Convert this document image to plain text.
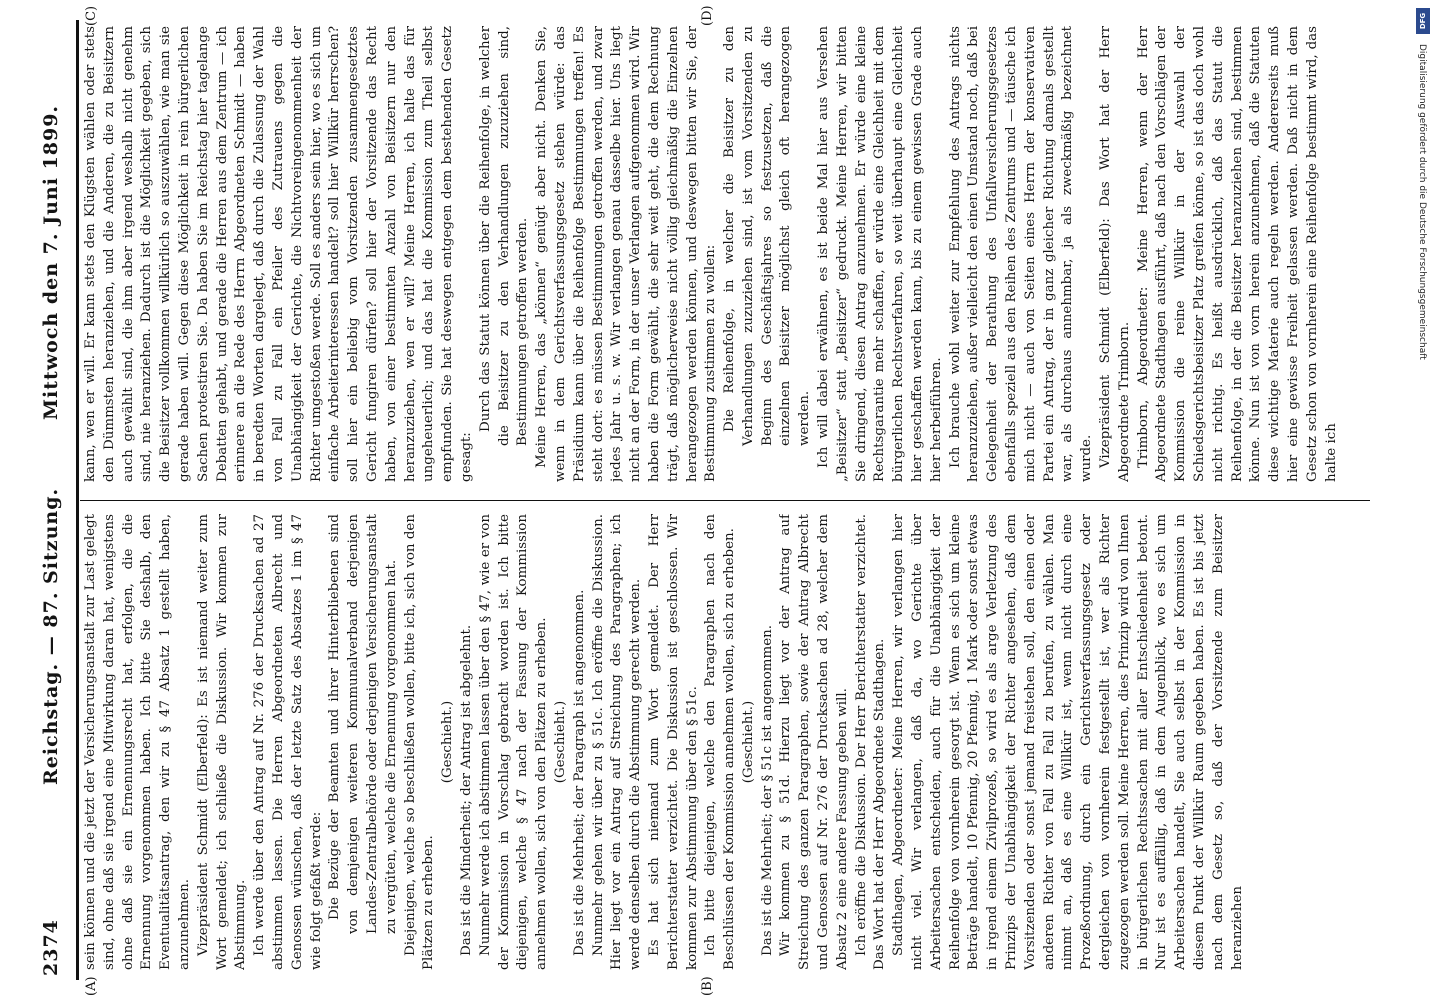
2374
Reichstag. — 87. Sitzung.
Mittwoch den 7. Juni 1899.
(A)	(B)
(C)	(D)

sein können und die jetzt der Versicherungsanstalt zur Last gelegt sind, ohne daß sie irgend eine Mitwirkung daran hat, wenigstens ohne daß sie ein Ernennungsrecht hat, erfolgen, die die Ernennung vorgenommen haben. Ich bitte Sie deshalb, den Eventualitätsantrag, den wir zu § 47 Absatz 1 gestellt haben, anzunehmen. Vizepräsident Schmidt (Elberfeld): Es ist niemand weiter zum Wort gemeldet; ich schließe die Diskussion. Wir kommen zur Abstimmung. Ich werde über den Antrag auf Nr. 276 der Drucksachen ad 27 abstimmen lassen. Die Herren Abgeordneten Albrecht und Genossen wünschen, daß der letzte Satz des Absatzes 1 im § 47 wie folgt gefaßt werde: Die Bezüge der Beamten und ihrer Hinterbliebenen sind von demjenigen weiteren Kommunalverband derjenigen Landes-Zentralbehörde oder derjenigen Versicherungsanstalt zu vergüten, welche die Ernennung vorgenommen hat. Diejenigen, welche so beschließen wollen, bitte ich, sich von den Plätzen zu erheben.

(Geschieht.) Das ist die Minderheit; der Antrag ist abgelehnt. Nunmehr werde ich abstimmen lassen über den § 47, wie er von der Kommission in Vorschlag gebracht worden ist. Ich bitte diejenigen, welche § 47 nach der Fassung der Kommission annehmen wollen, sich von den Plätzen zu erheben. (Geschieht.) Das ist die Mehrheit; der Paragraph ist angenommen. Nunmehr gehen wir über zu § 51c. Ich eröffne die Diskussion. Hier liegt vor ein Antrag auf Streichung des Paragraphen; ich werde denselben durch die Abstimmung gerecht werden. Es hat sich niemand zum Wort gemeldet. Der Herr Berichterstatter verzichtet. Die Diskussion ist geschlossen. Wir kommen zur Abstimmung über den § 51c. Ich bitte diejenigen, welche den Paragraphen nach den Beschlüssen der Kommission annehmen wollen, sich zu erheben. (Geschieht.) Das ist die Mehrheit; der § 51c ist angenommen. Wir kommen zu § 51d. Hierzu liegt vor der Antrag auf Streichung des ganzen Paragraphen, sowie der Antrag Albrecht und Genossen auf Nr. 276 der Drucksachen ad 28, welcher dem Absatz 2 eine andere Fassung geben will. Ich eröffne die Diskussion. Der Herr Berichterstatter verzichtet. Das Wort hat der Herr Abgeordnete Stadthagen. Stadthagen, Abgeordneter: Meine Herren, wir verlangen hier nicht viel. Wir verlangen, daß da, wo Gerichte über Arbeitersachen entscheiden, auch für die Unabhängigkeit der Reihenfolge von vornherein gesorgt ist. Wenn es sich um kleine Beträge handelt, 10 Pfennig, 20 Pfennig, 1 Mark oder sonst etwas in irgend einem Zivilprozeß, so wird es als arge Verletzung des Prinzips der Unabhängigkeit der Richter angesehen, daß dem Vorsitzenden oder sonst jemand freistehen soll, den einen oder anderen Richter von Fall zu Fall zu berufen, zu wählen. Man nimmt an, daß es eine Willkür ist, wenn nicht durch eine Prozeßordnung, durch ein Gerichtsverfassungsgesetz oder dergleichen von vornherein festgestellt ist, wer als Richter zugezogen werden soll. Meine Herren, dies Prinzip wird von Ihnen in bürgerlichen Rechtssachen mit aller Entschiedenheit betont. Nur ist es auffällig, daß in dem Augenblick, wo es sich um Arbeitersachen handelt, Sie auch selbst in der Kommission in diesem Punkt der Willkür Raum gegeben haben. Es ist bis jetzt nach dem Gesetz so, daß der Vorsitzende zum Beisitzer heranziehen

kann, wen er will. Er kann stets den Klügsten wählen oder stets den Dümmsten heranziehen, und die Anderen, die zu Beisitzern auch gewählt sind, die ihm aber irgend weshalb nicht genehm sind, nie heranziehen. Dadurch ist die Möglichkeit gegeben, sich die Beisitzer vollkommen willkürlich so auszuwählen, wie man sie gerade haben will. Gegen diese Möglichkeit in rein bürgerlichen Sachen protestiren Sie. Da haben Sie im Reichstag hier tagelange Debatten gehabt, und gerade die Herren aus dem Zentrum — ich erinnere an die Rede des Herrn Abgeordneten Schmidt — haben in beredten Worten dargelegt, daß durch die Zulassung der Wahl von Fall zu Fall ein Pfeiler des Zutrauens gegen die Unabhängigkeit der Gerichte, die Nichtvoreingenommenheit der Richter umgestoßen werde. Soll es anders sein hier, wo es sich um einfache Arbeiterinteressen handelt? soll hier Willkür herrschen? soll hier ein beliebig vom Vorsitzenden zusammengesetztes Gericht fungiren dürfen? soll hier der Vorsitzende das Recht haben, von einer bestimmten Anzahl von Beisitzern nur den heranzuziehen, wen er will? Meine Herren, ich halte das für ungeheuerlich; und das hat die Kommission zum Theil selbst empfunden. Sie hat deswegen entgegen dem bestehenden Gesetz gesagt:

Durch das Statut können über die Reihenfolge, in welcher die Beisitzer zu den Verhandlungen zuzuziehen sind, Bestimmungen getroffen werden. Meine Herren, das „können“ genügt aber nicht. Denken Sie, wenn in dem Gerichtsverfassungsgesetz stehen würde: das Präsidium kann über die Reihenfolge Bestimmungen treffen! Es steht dort: es müssen Bestimmungen getroffen werden, und zwar jedes Jahr u. s. w. Wir verlangen genau dasselbe hier. Uns liegt nicht an der Form, in der unser Verlangen aufgenommen wird. Wir haben die Form gewählt, die sehr weit geht, die dem Rechnung trägt, daß möglicherweise nicht völlig gleichmäßig die Einzelnen herangezogen werden können, und deswegen bitten wir Sie, der Bestimmung zustimmen zu wollen: Die Reihenfolge, in welcher die Beisitzer zu den Verhandlungen zuzuziehen sind, ist vom Vorsitzenden zu Beginn des Geschäftsjahres so festzusetzen, daß die einzelnen Beisitzer möglichst gleich oft herangezogen werden. Ich will dabei erwähnen, es ist beide Mal hier aus Versehen „Beisitzer“ statt „Beisitzer“ gedruckt. Meine Herren, wir bitten Sie dringend, diesen Antrag anzunehmen. Er würde eine kleine Rechtsgarantie mehr schaffen, er würde eine Gleichheit mit dem bürgerlichen Rechtsverfahren, so weit überhaupt eine Gleichheit hier geschaffen werden kann, bis zu einem gewissen Grade auch hier herbeiführen. Ich brauche wohl weiter zur Empfehlung des Antrags nichts heranzuziehen, außer vielleicht den einen Umstand noch, daß bei Gelegenheit der Berathung des Unfallversicherungsgesetzes ebenfalls speziell aus den Reihen des Zentrums und — täusche ich mich nicht — auch von Seiten eines Herrn der konservativen Partei ein Antrag, der in ganz gleicher Richtung damals gestellt war, als durchaus annehmbar, ja als zweckmäßig bezeichnet wurde. Vizepräsident Schmidt (Elberfeld): Das Wort hat der Herr Abgeordnete Trimborn. Trimborn, Abgeordneter: Meine Herren, wenn der Herr Abgeordnete Stadthagen ausführt, daß nach den Vorschlägen der Kommission die reine Willkür in der Auswahl der Schiedsgerichtsbeisitzer Platz greifen könne, so ist das doch wohl nicht richtig. Es heißt ausdrücklich, daß das Statut die Reihenfolge, in der die Beisitzer heranzuziehen sind, bestimmen könne. Nun ist von vorn herein anzunehmen, daß die Statuten diese wichtige Materie auch regeln werden. Andererseits muß hier eine gewisse Freiheit gelassen werden. Daß nicht in dem Gesetz schon von vornherein eine Reihenfolge bestimmt wird, das halte ich

DFG
Digitalisierung gefördert durch die Deutsche Forschungsgemeinschaft
